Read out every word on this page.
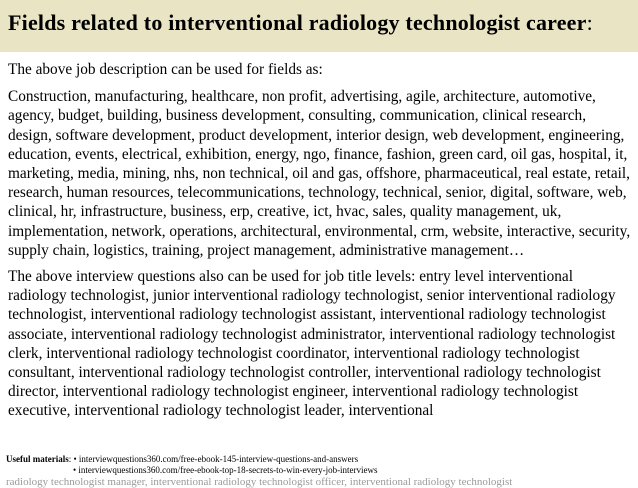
Fields related to interventional radiology technologist career:

The above job description can be used for fields as:

Construction, manufacturing, healthcare, non profit, advertising, agile, architecture, automotive, agency, budget, building, business development, consulting, communication, clinical research, design, software development, product development, interior design, web development, engineering, education, events, electrical, exhibition, energy, ngo, finance, fashion, green card, oil gas, hospital, it, marketing, media, mining, nhs, non technical, oil and gas, offshore, pharmaceutical, real estate, retail, research, human resources, telecommunications, technology, technical, senior, digital, software, web, clinical, hr, infrastructure, business, erp, creative, ict, hvac, sales, quality management, uk, implementation, network, operations, architectural, environmental, crm, website, interactive, security, supply chain, logistics, training, project management, administrative management…

The above interview questions also can be used for job title levels: entry level interventional radiology technologist, junior interventional radiology technologist, senior interventional radiology technologist, interventional radiology technologist assistant, interventional radiology technologist associate, interventional radiology technologist administrator, interventional radiology technologist clerk, interventional radiology technologist coordinator, interventional radiology technologist consultant, interventional radiology technologist controller, interventional radiology technologist director, interventional radiology technologist engineer, interventional radiology technologist executive, interventional radiology technologist leader, interventional

Useful materials: • interviewquestions360.com/free-ebook-145-interview-questions-and-answers
• interviewquestions360.com/free-ebook-top-18-secrets-to-win-every-job-interviews
radiology technologist manager, interventional radiology technologist officer, interventional radiology technologist
